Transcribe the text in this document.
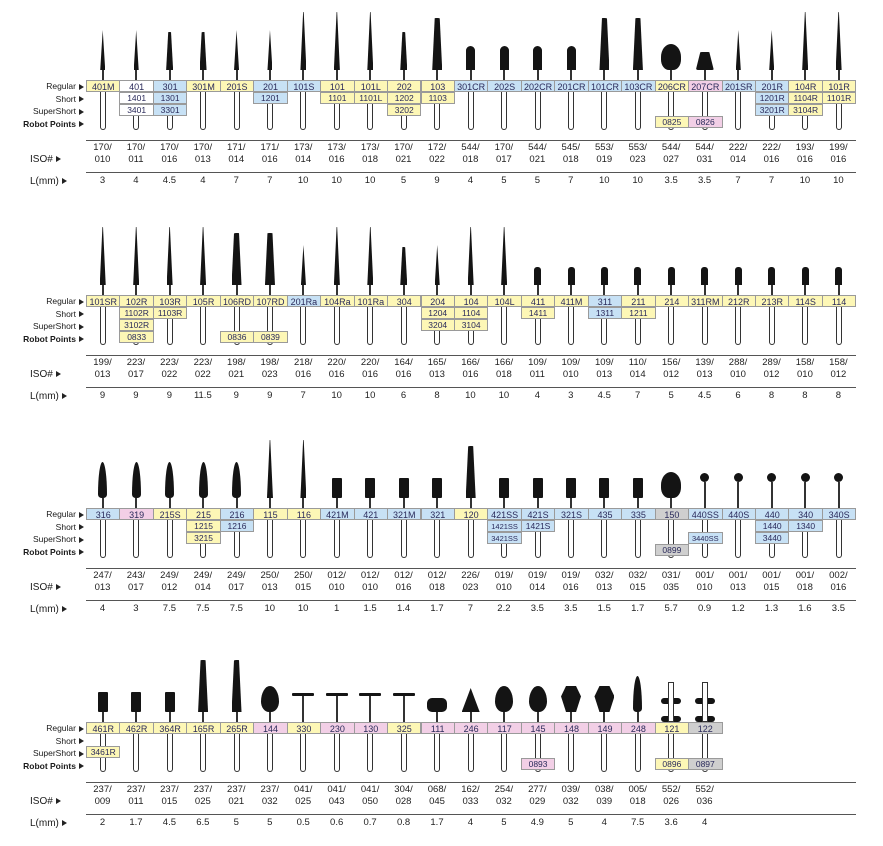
Regular
Short
SuperShort
Robot Points
ISO#
L(mm)
401M
170/
010
3
401
1401
3401
170/
011
4
301
1301
3301
170/
016
4.5
301M
170/
013
4
201S
171/
014
7
201
1201
171/
016
7
101S
173/
014
10
101
1101
173/
016
10
101L
1101L
173/
018
10
202
1202
3202
170/
021
5
103
1103
172/
022
9
301CR
544/
018
4
202S
170/
017
5
202CR
544/
021
5
201CR
545/
018
7
101CR
553/
019
10
103CR
553/
023
10
206CR
0825
544/
027
3.5
207CR
0826
544/
031
3.5
201SR
222/
014
7
201R
1201R
3201R
222/
016
7
104R
1104R
3104R
193/
016
10
101R
1101R
199/
016
10
Regular
Short
SuperShort
Robot Points
ISO#
L(mm)
101SR
199/
013
9
102R
1102R
3102R
0833
223/
017
9
103R
1103R
223/
022
9
105R
223/
022
11.5
106RD
0836
198/
021
9
107RD
0839
198/
023
9
201Ra
218/
016
7
104Ra
220/
016
10
101Ra
220/
016
10
304
164/
016
6
204
1204
3204
165/
013
8
104
1104
3104
166/
016
10
104L
166/
018
10
411
1411
109/
011
4
411M
109/
010
3
311
1311
109/
013
4.5
211
1211
110/
014
7
214
156/
012
5
311RM
139/
013
4.5
212R
288/
010
6
213R
289/
012
8
114S
158/
010
8
114
158/
012
8
Regular
Short
SuperShort
Robot Points
ISO#
L(mm)
316
247/
013
4
319
243/
017
3
215S
249/
012
7.5
215
1215
3215
249/
014
7.5
216
1216
249/
017
7.5
115
250/
013
10
116
250/
015
10
421M
012/
010
1
421
012/
010
1.5
321M
012/
016
1.4
321
012/
018
1.7
120
226/
023
7
421SS
1421SS
3421SS
019/
010
2.2
421S
1421S
019/
014
3.5
321S
019/
016
3.5
435
032/
013
1.5
335
032/
015
1.7
150
0899
031/
035
5.7
440SS
3440SS
001/
010
0.9
440S
001/
013
1.2
440
1440
3440
001/
015
1.3
340
1340
001/
018
1.6
340S
002/
016
3.5
Regular
Short
SuperShort
Robot Points
ISO#
L(mm)
461R
3461R
237/
009
2
462R
237/
011
1.7
364R
237/
015
4.5
165R
237/
025
6.5
265R
237/
021
5
144
237/
032
5
330
041/
025
0.5
230
041/
043
0.6
130
041/
050
0.7
325
304/
028
0.8
111
068/
045
1.7
246
162/
033
4
117
254/
032
5
145
0893
277/
029
4.9
148
039/
032
5
149
038/
039
4
248
005/
018
7.5
121
0896
552/
026
3.6
122
0897
552/
036
4
